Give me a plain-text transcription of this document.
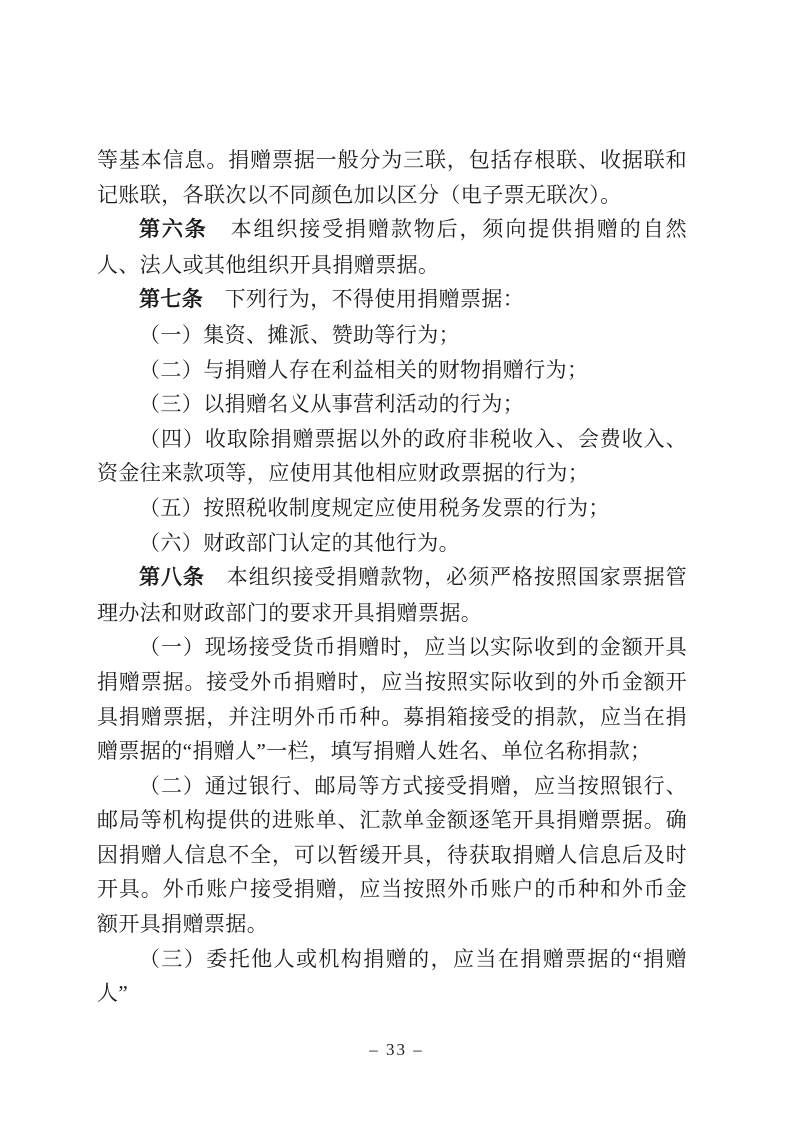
等基本信息。捐赠票据一般分为三联，包括存根联、收据联和记账联，各联次以不同颜色加以区分（电子票无联次）。

第六条　本组织接受捐赠款物后，须向提供捐赠的自然人、法人或其他组织开具捐赠票据。

第七条　下列行为，不得使用捐赠票据：

（一）集资、摊派、赞助等行为；

（二）与捐赠人存在利益相关的财物捐赠行为；

（三）以捐赠名义从事营利活动的行为；

（四）收取除捐赠票据以外的政府非税收入、会费收入、资金往来款项等，应使用其他相应财政票据的行为；

（五）按照税收制度规定应使用税务发票的行为；

（六）财政部门认定的其他行为。

第八条　本组织接受捐赠款物，必须严格按照国家票据管理办法和财政部门的要求开具捐赠票据。

（一）现场接受货币捐赠时，应当以实际收到的金额开具捐赠票据。接受外币捐赠时，应当按照实际收到的外币金额开具捐赠票据，并注明外币币种。募捐箱接受的捐款，应当在捐赠票据的“捐赠人”一栏，填写捐赠人姓名、单位名称捐款；

（二）通过银行、邮局等方式接受捐赠，应当按照银行、邮局等机构提供的进账单、汇款单金额逐笔开具捐赠票据。确因捐赠人信息不全，可以暂缓开具，待获取捐赠人信息后及时开具。外币账户接受捐赠，应当按照外币账户的币种和外币金额开具捐赠票据。

（三）委托他人或机构捐赠的，应当在捐赠票据的“捐赠人”

– 33 –
